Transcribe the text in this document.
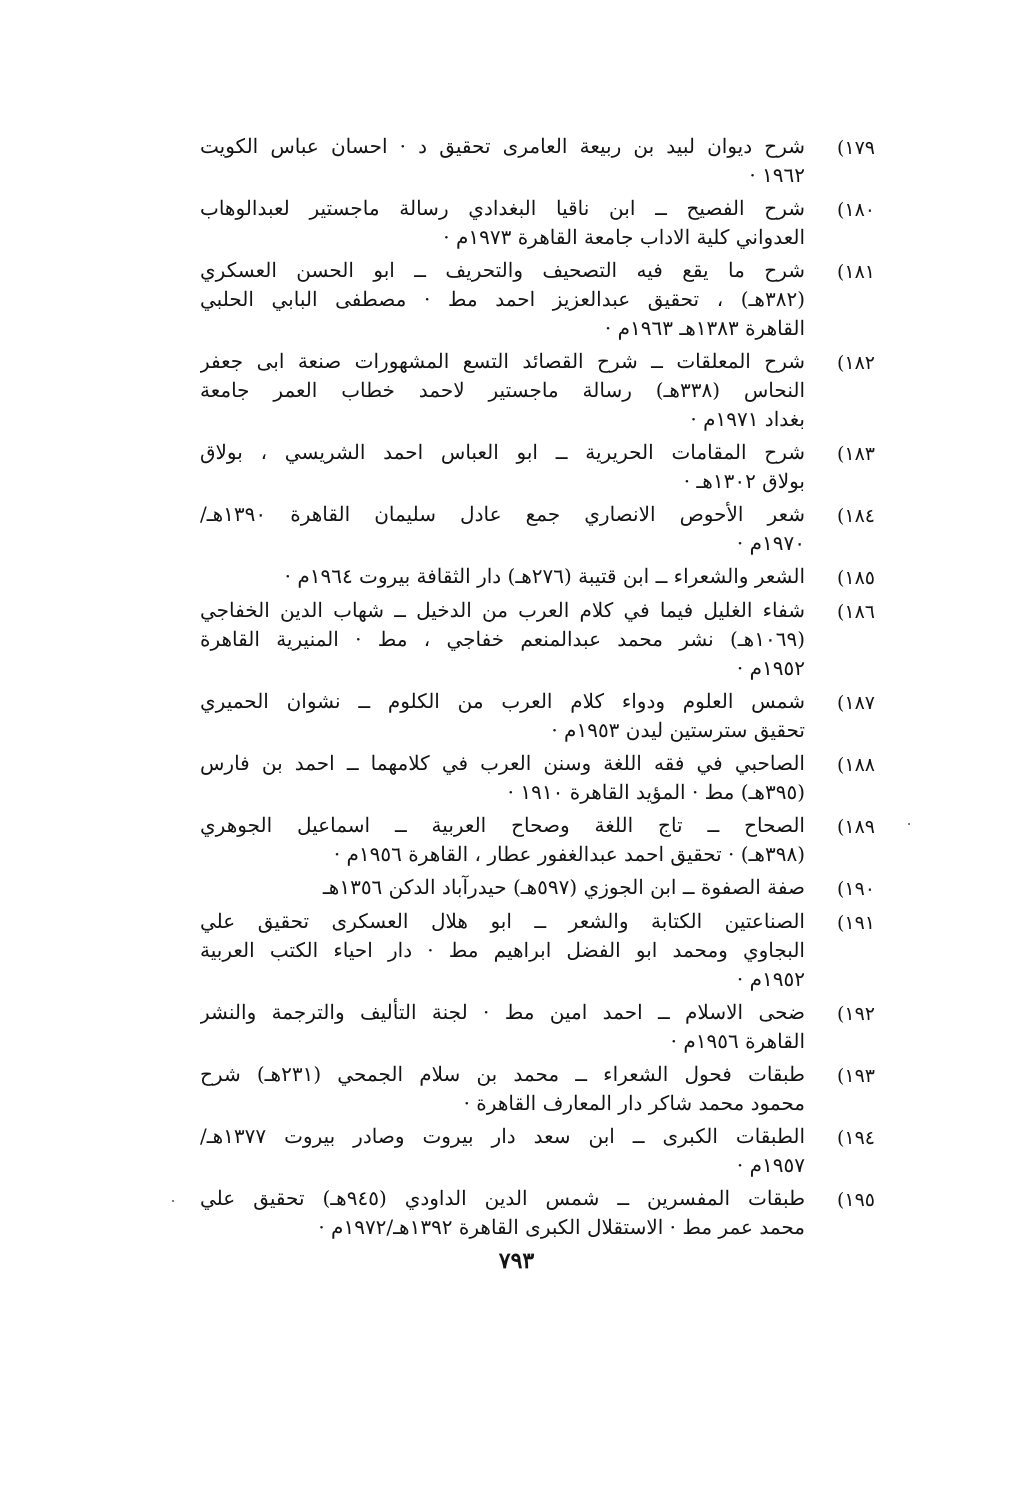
(١٧٩
شرح ديوان لبيد بن ربيعة العامرى تحقيق د · احسان عباس الكويت
١٩٦٢ ·
(١٨٠
شرح الفصيح ــ ابن ناقيا البغدادي رسالة ماجستير لعبدالوهاب
العدواني كلية الاداب جامعة القاهرة ١٩٧٣م ·
(١٨١
شرح ما يقع فيه التصحيف والتحريف ــ ابو الحسن العسكري
(٣٨٢هـ) ، تحقيق عبدالعزيز احمد مط · مصطفى البابي الحلبي
القاهرة ١٣٨٣هـ ١٩٦٣م ·
(١٨٢
شرح المعلقات ــ شرح القصائد التسع المشهورات صنعة ابى جعفر
النحاس (٣٣٨هـ) رسالة ماجستير لاحمد خطاب العمر جامعة
بغداد ١٩٧١م ·
(١٨٣
شرح المقامات الحريرية ــ ابو العباس احمد الشريسي ، بولاق
بولاق ١٣٠٢هـ ·
(١٨٤
شعر الأحوص الانصاري جمع عادل سليمان القاهرة ١٣٩٠هـ/
١٩٧٠م ·
(١٨٥
الشعر والشعراء ــ ابن قتيبة (٢٧٦هـ) دار الثقافة بيروت ١٩٦٤م ·
(١٨٦
شفاء الغليل فيما في كلام العرب من الدخيل ــ شهاب الدين الخفاجي
(١٠٦٩هـ) نشر محمد عبدالمنعم خفاجي ، مط · المنيرية القاهرة
١٩٥٢م ·
(١٨٧
شمس العلوم ودواء كلام العرب من الكلوم ــ نشوان الحميري
تحقيق سترستين ليدن ١٩٥٣م ·
(١٨٨
الصاحبي في فقه اللغة وسنن العرب في كلامهما ــ احمد بن فارس
(٣٩٥هـ) مط · المؤيد القاهرة ١٩١٠ ·
(١٨٩
الصحاح ــ تاج اللغة وصحاح العربية ــ اسماعيل الجوهري
(٣٩٨هـ) · تحقيق احمد عبدالغفور عطار ، القاهرة ١٩٥٦م ·
(١٩٠
صفة الصفوة ــ ابن الجوزي (٥٩٧هـ) حيدرآباد الدكن ١٣٥٦هـ
(١٩١
الصناعتين الكتابة والشعر ــ ابو هلال العسكرى تحقيق علي
البجاوي ومحمد ابو الفضل ابراهيم مط · دار احياء الكتب العربية
١٩٥٢م ·
(١٩٢
ضحى الاسلام ــ احمد امين مط · لجنة التأليف والترجمة والنشر
القاهرة ١٩٥٦م ·
(١٩٣
طبقات فحول الشعراء ــ محمد بن سلام الجمحي (٢٣١هـ) شرح
محمود محمد شاكر دار المعارف القاهرة ·
(١٩٤
الطبقات الكبرى ــ ابن سعد دار بيروت وصادر بيروت ١٣٧٧هـ/
١٩٥٧م ·
(١٩٥
طبقات المفسرين ــ شمس الدين الداودي (٩٤٥هـ) تحقيق علي
محمد عمر مط · الاستقلال الكبرى القاهرة ١٣٩٢هـ/١٩٧٢م ·
٧٩٣
